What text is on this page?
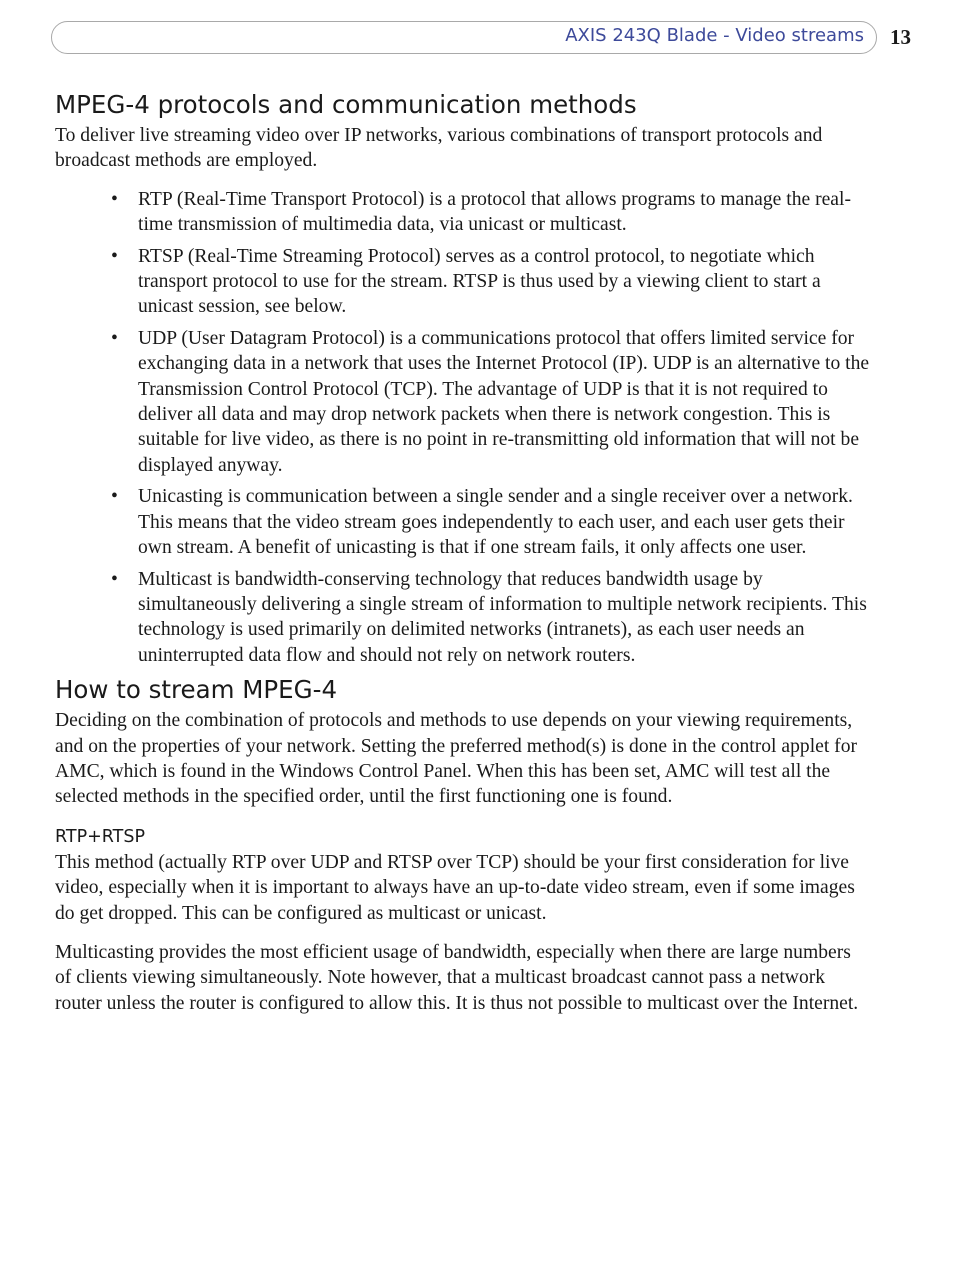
AXIS 243Q Blade - Video streams 13
MPEG-4 protocols and communication methods

To deliver live streaming video over IP networks, various combinations of transport protocols and broadcast methods are employed.

• RTP (Real-Time Transport Protocol) is a protocol that allows programs to manage the real-time transmission of multimedia data, via unicast or multicast.
• RTSP (Real-Time Streaming Protocol) serves as a control protocol, to negotiate which transport protocol to use for the stream. RTSP is thus used by a viewing client to start a unicast session, see below.
• UDP (User Datagram Protocol) is a communications protocol that offers limited service for exchanging data in a network that uses the Internet Protocol (IP). UDP is an alternative to the Transmission Control Protocol (TCP). The advantage of UDP is that it is not required to deliver all data and may drop network packets when there is network congestion. This is suitable for live video, as there is no point in re-transmitting old information that will not be displayed anyway.
• Unicasting is communication between a single sender and a single receiver over a network. This means that the video stream goes independently to each user, and each user gets their own stream. A benefit of unicasting is that if one stream fails, it only affects one user.
• Multicast is bandwidth-conserving technology that reduces bandwidth usage by simultaneously delivering a single stream of information to multiple network recipients. This technology is used primarily on delimited networks (intranets), as each user needs an uninterrupted data flow and should not rely on network routers.
How to stream MPEG-4

Deciding on the combination of protocols and methods to use depends on your viewing requirements, and on the properties of your network. Setting the preferred method(s) is done in the control applet for AMC, which is found in the Windows Control Panel. When this has been set, AMC will test all the selected methods in the specified order, until the first functioning one is found.

RTP+RTSP

This method (actually RTP over UDP and RTSP over TCP) should be your first consideration for live video, especially when it is important to always have an up-to-date video stream, even if some images do get dropped. This can be configured as multicast or unicast.

Multicasting provides the most efficient usage of bandwidth, especially when there are large numbers of clients viewing simultaneously. Note however, that a multicast broadcast cannot pass a network router unless the router is configured to allow this. It is thus not possible to multicast over the Internet.
